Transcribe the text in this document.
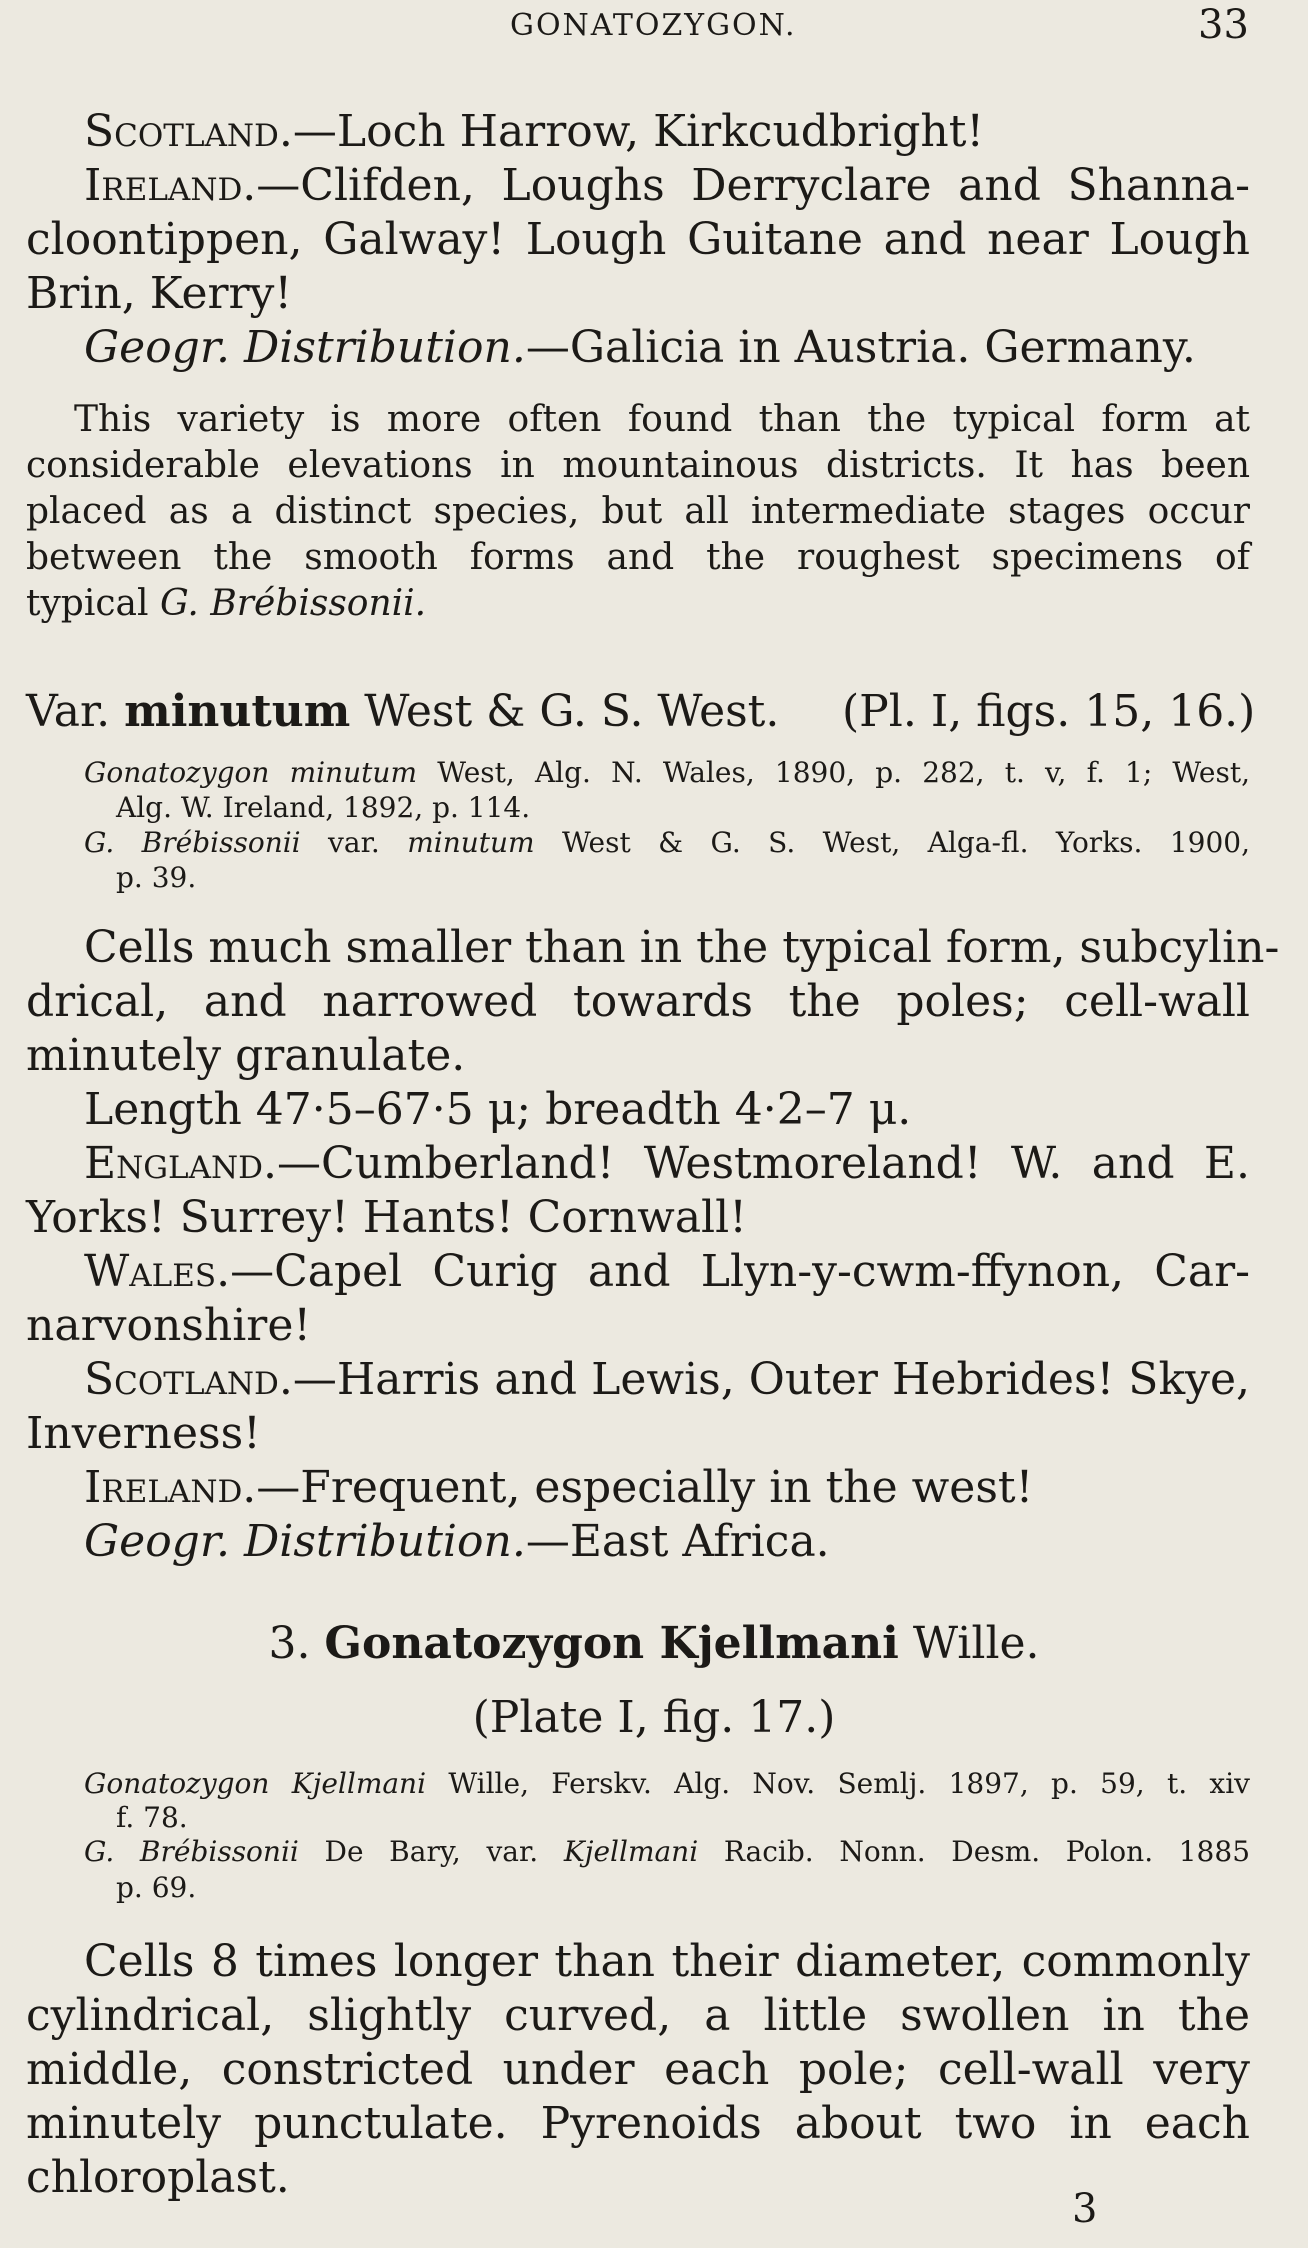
GONATOZYGON.	33
Scotland.—Loch Harrow, Kirkcudbright!
Ireland.—Clifden, Loughs Derryclare and Shanna-
cloontippen, Galway! Lough Guitane and near Lough
Brin, Kerry!
Geogr. Distribution.—Galicia in Austria. Germany.
This variety is more often found than the typical form at
considerable elevations in mountainous districts. It has been
placed as a distinct species, but all intermediate stages occur
between the smooth forms and the roughest specimens of
typical G. Brébissonii.
Var. minutum West & G. S. West. (Pl. I, figs. 15, 16.)
Gonatozygon minutum West, Alg. N. Wales, 1890, p. 282, t. v, f. 1; West,
Alg. W. Ireland, 1892, p. 114.
G. Brébissonii var. minutum West & G. S. West, Alga-fl. Yorks. 1900,
p. 39.
Cells much smaller than in the typical form, subcylin-
drical, and narrowed towards the poles; cell-wall
minutely granulate.
Length 47·5–67·5 μ; breadth 4·2–7 μ.
England.—Cumberland! Westmoreland! W. and E.
Yorks! Surrey! Hants! Cornwall!
Wales.—Capel Curig and Llyn-y-cwm-ffynon, Car-
narvonshire!
Scotland.—Harris and Lewis, Outer Hebrides! Skye,
Inverness!
Ireland.—Frequent, especially in the west!
Geogr. Distribution.—East Africa.
3. Gonatozygon Kjellmani Wille.
(Plate I, fig. 17.)
Gonatozygon Kjellmani Wille, Ferskv. Alg. Nov. Semlj. 1897, p. 59, t. xiv
f. 78.
G. Brébissonii De Bary, var. Kjellmani Racib. Nonn. Desm. Polon. 1885
p. 69.
Cells 8 times longer than their diameter, commonly
cylindrical, slightly curved, a little swollen in the
middle, constricted under each pole; cell-wall very
minutely punctulate. Pyrenoids about two in each
chloroplast.
3
